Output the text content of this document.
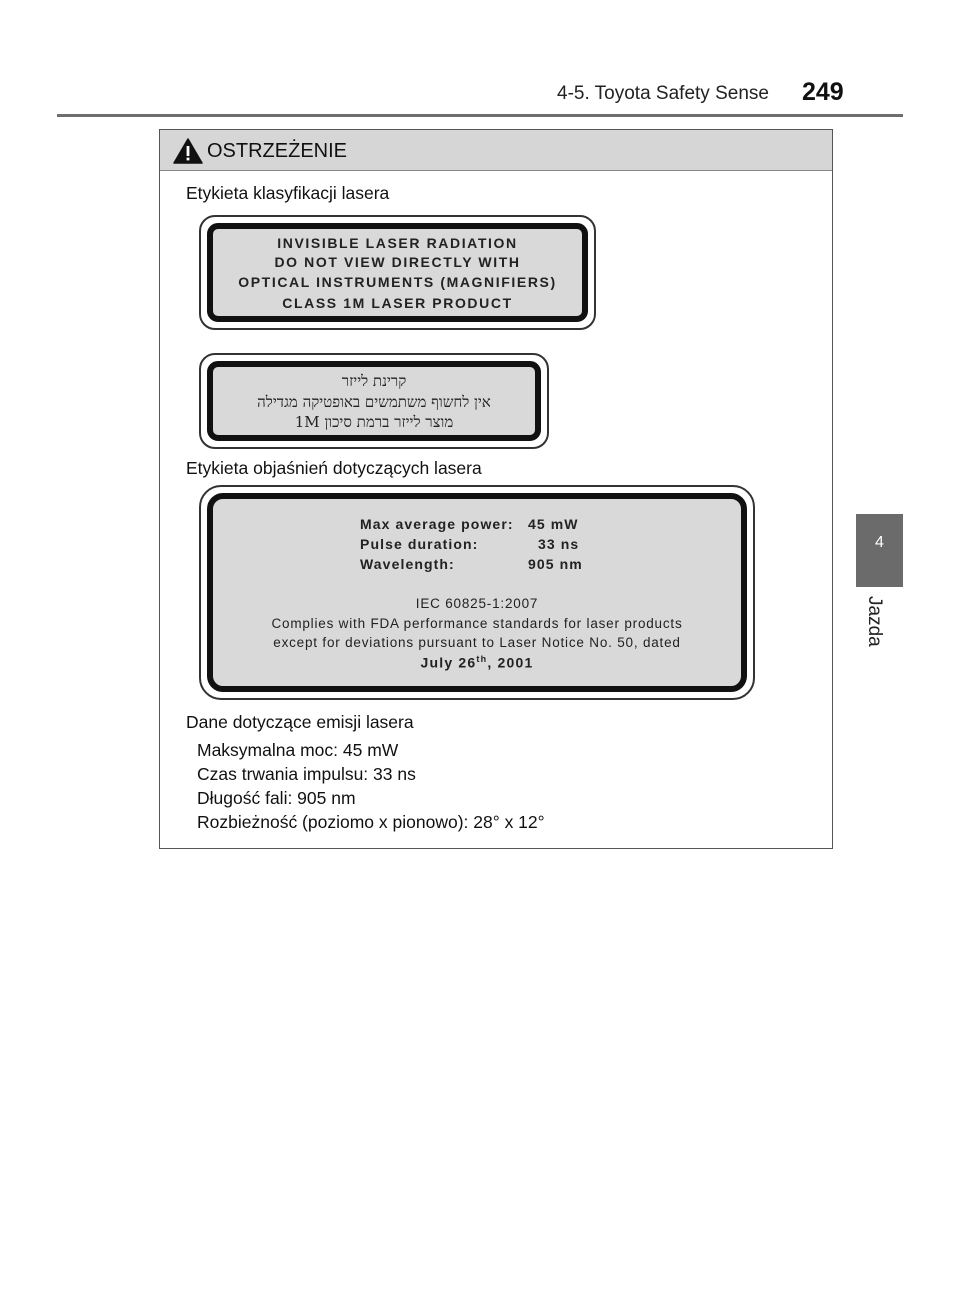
4-5. Toyota Safety Sense 249
4
Jazda
OSTRZEŻENIE
Etykieta klasyfikacji lasera
INVISIBLE LASER RADIATION
DO NOT VIEW DIRECTLY WITH
OPTICAL INSTRUMENTS (MAGNIFIERS)
CLASS 1M LASER PRODUCT
קרינת לייזר
אין לחשוף משתמשים באופטיקה מגדילה
מוצר לייזר ברמת סיכון 1M
Etykieta objaśnień dotyczących lasera
Max average power: 45 mW
Pulse duration:	33 ns
Wavelength:	905 nm
IEC 60825-1:2007
Complies with FDA performance standards for laser products
except for deviations pursuant to Laser Notice No. 50, dated
July 26th, 2001
Dane dotyczące emisji lasera
Maksymalna moc: 45 mW
Czas trwania impulsu: 33 ns
Długość fali: 905 nm
Rozbieżność (poziomo x pionowo): 28° x 12°
